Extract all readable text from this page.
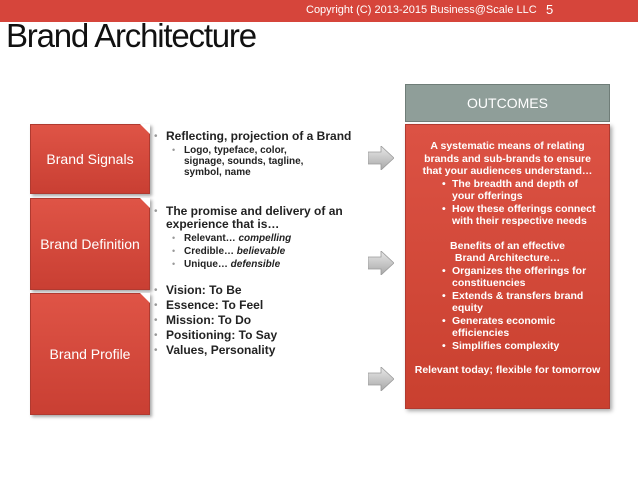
Copyright (C) 2013-2015 Business@Scale LLC 5
Brand Architecture
Brand Signals
Brand Definition
Brand Profile
• Reflecting, projection of a Brand
• Logo, typeface, color, signage, sounds, tagline, symbol, name
• The promise and delivery of an experience that is…
• Relevant… compelling
• Credible… believable
• Unique… defensible
• Vision: To Be
• Essence: To Feel
• Mission: To Do
• Positioning: To Say
• Values, Personality
OUTCOMES
A systematic means of relating brands and sub-brands to ensure that your audiences understand…
• The breadth and depth of your offerings
• How these offerings connect with their respective needs
Benefits of an effective Brand Architecture…
• Organizes the offerings for constituencies
• Extends & transfers brand equity
• Generates economic efficiencies
• Simplifies complexity
Relevant today; flexible for tomorrow
